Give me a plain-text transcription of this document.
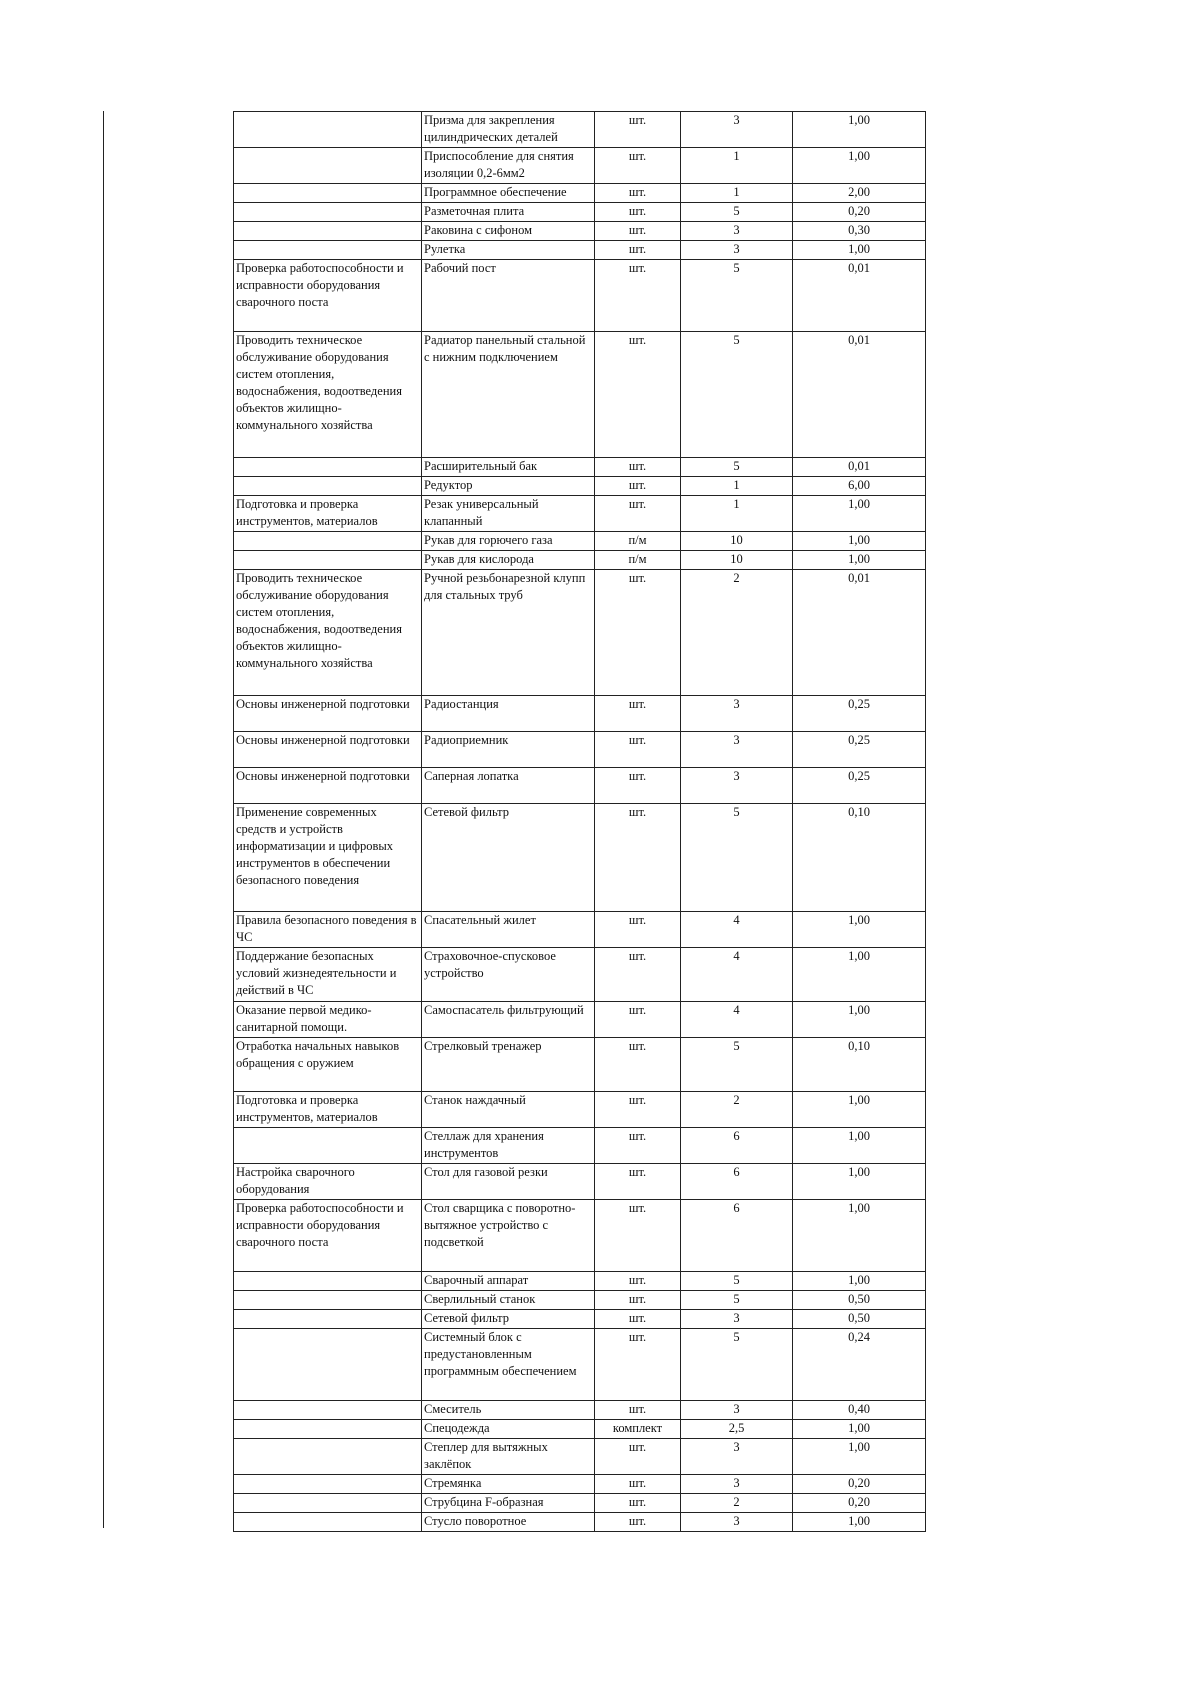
	Призма для закрепления цилиндрических деталей	шт.	3	1,00
	Приспособление для снятия изоляции 0,2-6мм2	шт.	1	1,00
	Программное обеспечение	шт.	1	2,00
	Разметочная плита	шт.	5	0,20
	Раковина с сифоном	шт.	3	0,30
	Рулетка	шт.	3	1,00
Проверка работоспособности и исправности оборудования сварочного поста	Рабочий пост	шт.	5	0,01
Проводить техническое обслуживание оборудования систем отопления, водоснабжения, водоотведения объектов жилищно-коммунального хозяйства	Радиатор панельный стальной с нижним подключением	шт.	5	0,01
	Расширительный бак	шт.	5	0,01
	Редуктор	шт.	1	6,00
Подготовка и проверка инструментов, материалов	Резак универсальный клапанный	шт.	1	1,00
	Рукав для горючего газа	п/м	10	1,00
	Рукав для кислорода	п/м	10	1,00
Проводить техническое обслуживание оборудования систем отопления, водоснабжения, водоотведения объектов жилищно-коммунального хозяйства	Ручной резьбонарезной клупп для стальных труб	шт.	2	0,01
Основы инженерной подготовки	Радиостанция	шт.	3	0,25
Основы инженерной подготовки	Радиоприемник	шт.	3	0,25
Основы инженерной подготовки	Саперная лопатка	шт.	3	0,25
Применение современных средств и устройств информатизации и цифровых инструментов в обеспечении безопасного поведения	Сетевой фильтр	шт.	5	0,10
Правила безопасного поведения в ЧС	Спасательный жилет	шт.	4	1,00
Поддержание безопасных условий жизнедеятельности и действий в ЧС	Страховочное-спусковое устройство	шт.	4	1,00
Оказание первой медико-санитарной помощи.	Самоспасатель фильтрующий	шт.	4	1,00
Отработка начальных навыков обращения с оружием	Стрелковый тренажер	шт.	5	0,10
Подготовка и проверка инструментов, материалов	Станок наждачный	шт.	2	1,00
	Стеллаж для хранения инструментов	шт.	6	1,00
Настройка сварочного оборудования	Стол для газовой резки	шт.	6	1,00
Проверка работоспособности и исправности оборудования сварочного поста	Стол сварщика с поворотно-вытяжное устройство с подсветкой	шт.	6	1,00
	Сварочный аппарат	шт.	5	1,00
	Сверлильный станок	шт.	5	0,50
	Сетевой фильтр	шт.	3	0,50
	Системный блок с предустановленным программным обеспечением	шт.	5	0,24
	Смеситель	шт.	3	0,40
	Спецодежда	комплект	2,5	1,00
	Степлер для вытяжных заклёпок	шт.	3	1,00
	Стремянка	шт.	3	0,20
	Струбцина F-образная	шт.	2	0,20
	Стусло поворотное	шт.	3	1,00
